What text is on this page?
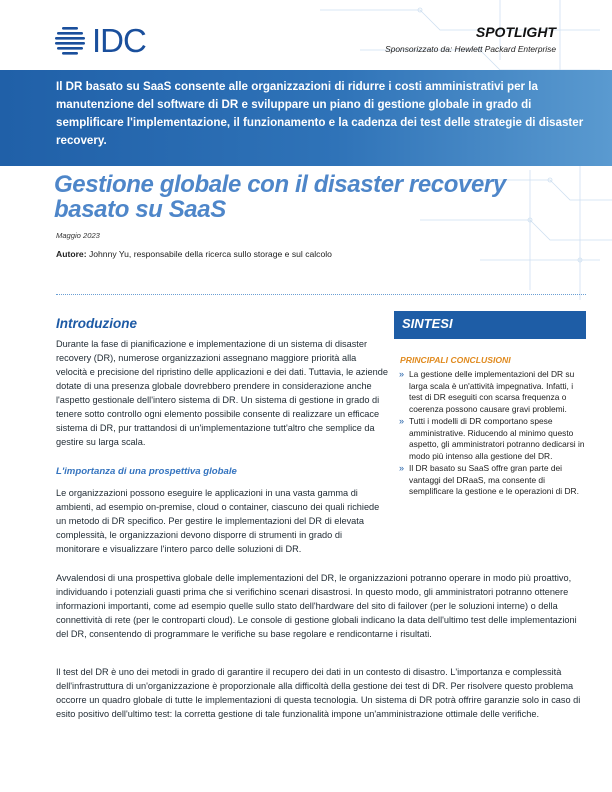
IDC	SPOTLIGHT
Sponsorizzato da: Hewlett Packard Enterprise
Il DR basato su SaaS consente alle organizzazioni di ridurre i costi amministrativi per la manutenzione del software di DR e sviluppare un piano di gestione globale in grado di semplificare l'implementazione, il funzionamento e la cadenza dei test delle strategie di disaster recovery.
Gestione globale con il disaster recovery basato su SaaS
Maggio 2023
Autore: Johnny Yu, responsabile della ricerca sullo storage e sul calcolo
Introduzione
Durante la fase di pianificazione e implementazione di un sistema di disaster recovery (DR), numerose organizzazioni assegnano maggiore priorità alla velocità e precisione del ripristino delle applicazioni e dei dati. Tuttavia, le aziende dotate di una presenza globale dovrebbero prendere in considerazione anche l'aspetto gestionale dell'intero sistema di DR. Un sistema di gestione in grado di tenere sotto controllo ogni elemento possibile consente di realizzare un efficace sistema di DR, pur trattandosi di un'implementazione tutt'altro che semplice da gestire su larga scala.
L'importanza di una prospettiva globale
Le organizzazioni possono eseguire le applicazioni in una vasta gamma di ambienti, ad esempio on-premise, cloud o container, ciascuno dei quali richiede un metodo di DR specifico. Per gestire le implementazioni del DR di elevata complessità, le organizzazioni devono disporre di strumenti in grado di monitorare e visualizzare l'intero parco delle soluzioni di DR.
Avvalendosi di una prospettiva globale delle implementazioni del DR, le organizzazioni potranno operare in modo più proattivo, individuando i potenziali guasti prima che si verifichino scenari disastrosi. In questo modo, gli amministratori potranno ottenere informazioni importanti, come ad esempio quelle sullo stato dell'hardware del sito di failover (per le soluzioni interne) o della connettività di rete (per le controparti cloud). Le console di gestione globali indicano la data dell'ultimo test delle implementazioni del DR, consentendo di programmare le verifiche su base regolare e rendicontarne i risultati.
Il test del DR è uno dei metodi in grado di garantire il recupero dei dati in un contesto di disastro. L'importanza e complessità dell'infrastruttura di un'organizzazione è proporzionale alla difficoltà della gestione dei test di DR. Per risolvere questo problema occorre un quadro globale di tutte le implementazioni di questa tecnologia. Un sistema di DR potrà offrire garanzie solo in caso di esito positivo dell'ultimo test: la corretta gestione di tale funzionalità impone un'amministrazione ottimale delle verifiche.
SINTESI
PRINCIPALI CONCLUSIONI
» La gestione delle implementazioni del DR su larga scala è un'attività impegnativa. Infatti, i test di DR eseguiti con scarsa frequenza o coerenza possono causare gravi problemi.
» Tutti i modelli di DR comportano spese amministrative. Riducendo al minimo questo aspetto, gli amministratori potranno dedicarsi in modo più intenso alla gestione del DR.
» Il DR basato su SaaS offre gran parte dei vantaggi del DRaaS, ma consente di semplificare la gestione e le operazioni di DR.
